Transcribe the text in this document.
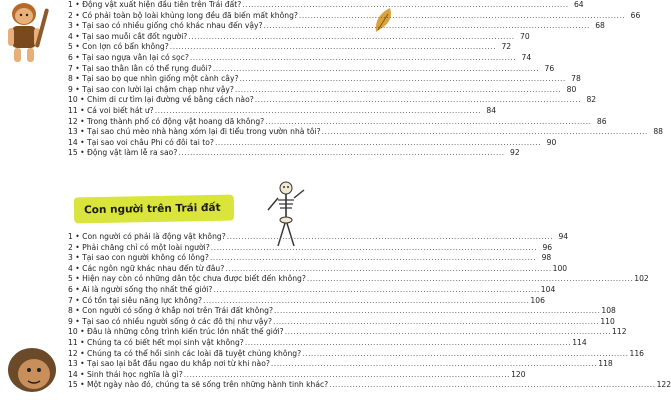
1 • Động vật xuất hiện đầu tiên trên Trái đất? .....	64
2 • Có phải toàn bộ loài khủng long đều đã biến mất không? .....	66
3 • Tại sao có nhiều giống chó khác nhau đến vậy? .....	68
4 • Tại sao muỗi cắt đốt người? .....	70
5 • Con lợn có bẩn không? .....	72
6 • Tại sao ngựa vằn lại có sọc? .....	74
7 • Tại sao thằn lằn có thể rụng đuôi? .....	76
8 • Tại sao bọ que nhìn giống một cành cây? .....	78
9 • Tại sao con lười lại chậm chạp như vậy? .....	80
10 • Chim di cư tìm lại đường về bằng cách nào? .....	82
11 • Cá voi biết hát ư? .....	84
12 • Trong thành phố có động vật hoang dã không? .....	86
13 • Tại sao chú mèo nhà hàng xóm lại đi tiểu trong vườn nhà tôi? .....	88
14 • Tại sao voi châu Phi có đôi tai to? .....	90
15 • Động vật làm lễ ra sao? .....	92
Con người trên Trái đất
1 • Con người có phải là động vật không? .....	94
2 • Phải chăng chỉ có một loài người? .....	96
3 • Tại sao con người không có lông? .....	98
4 • Các ngôn ngữ khác nhau đến từ đâu? .....	100
5 • Hiện nay còn có những dân tộc chưa được biết đến không? .....	102
6 • Ai là người sống thọ nhất thế giới? .....	104
7 • Có tồn tại siêu năng lực không? .....	106
8 • Con người có sống ở khắp nơi trên Trái đất không? .....	108
9 • Tại sao có nhiều người sống ở các đô thị như vậy? .....	110
10 • Đâu là những công trình kiến trúc lớn nhất thế giới? .....	112
11 • Chúng ta có biết hết mọi sinh vật không? .....	114
12 • Chúng ta có thể hồi sinh các loài đã tuyệt chủng không? .....	116
13 • Tại sao lại bắt đầu ngao du khắp nơi từ khi nào? .....	118
14 • Sinh thái học nghĩa là gì? .....	120
15 • Một ngày nào đó, chúng ta sẽ sống trên những hành tinh khác? .....	122
